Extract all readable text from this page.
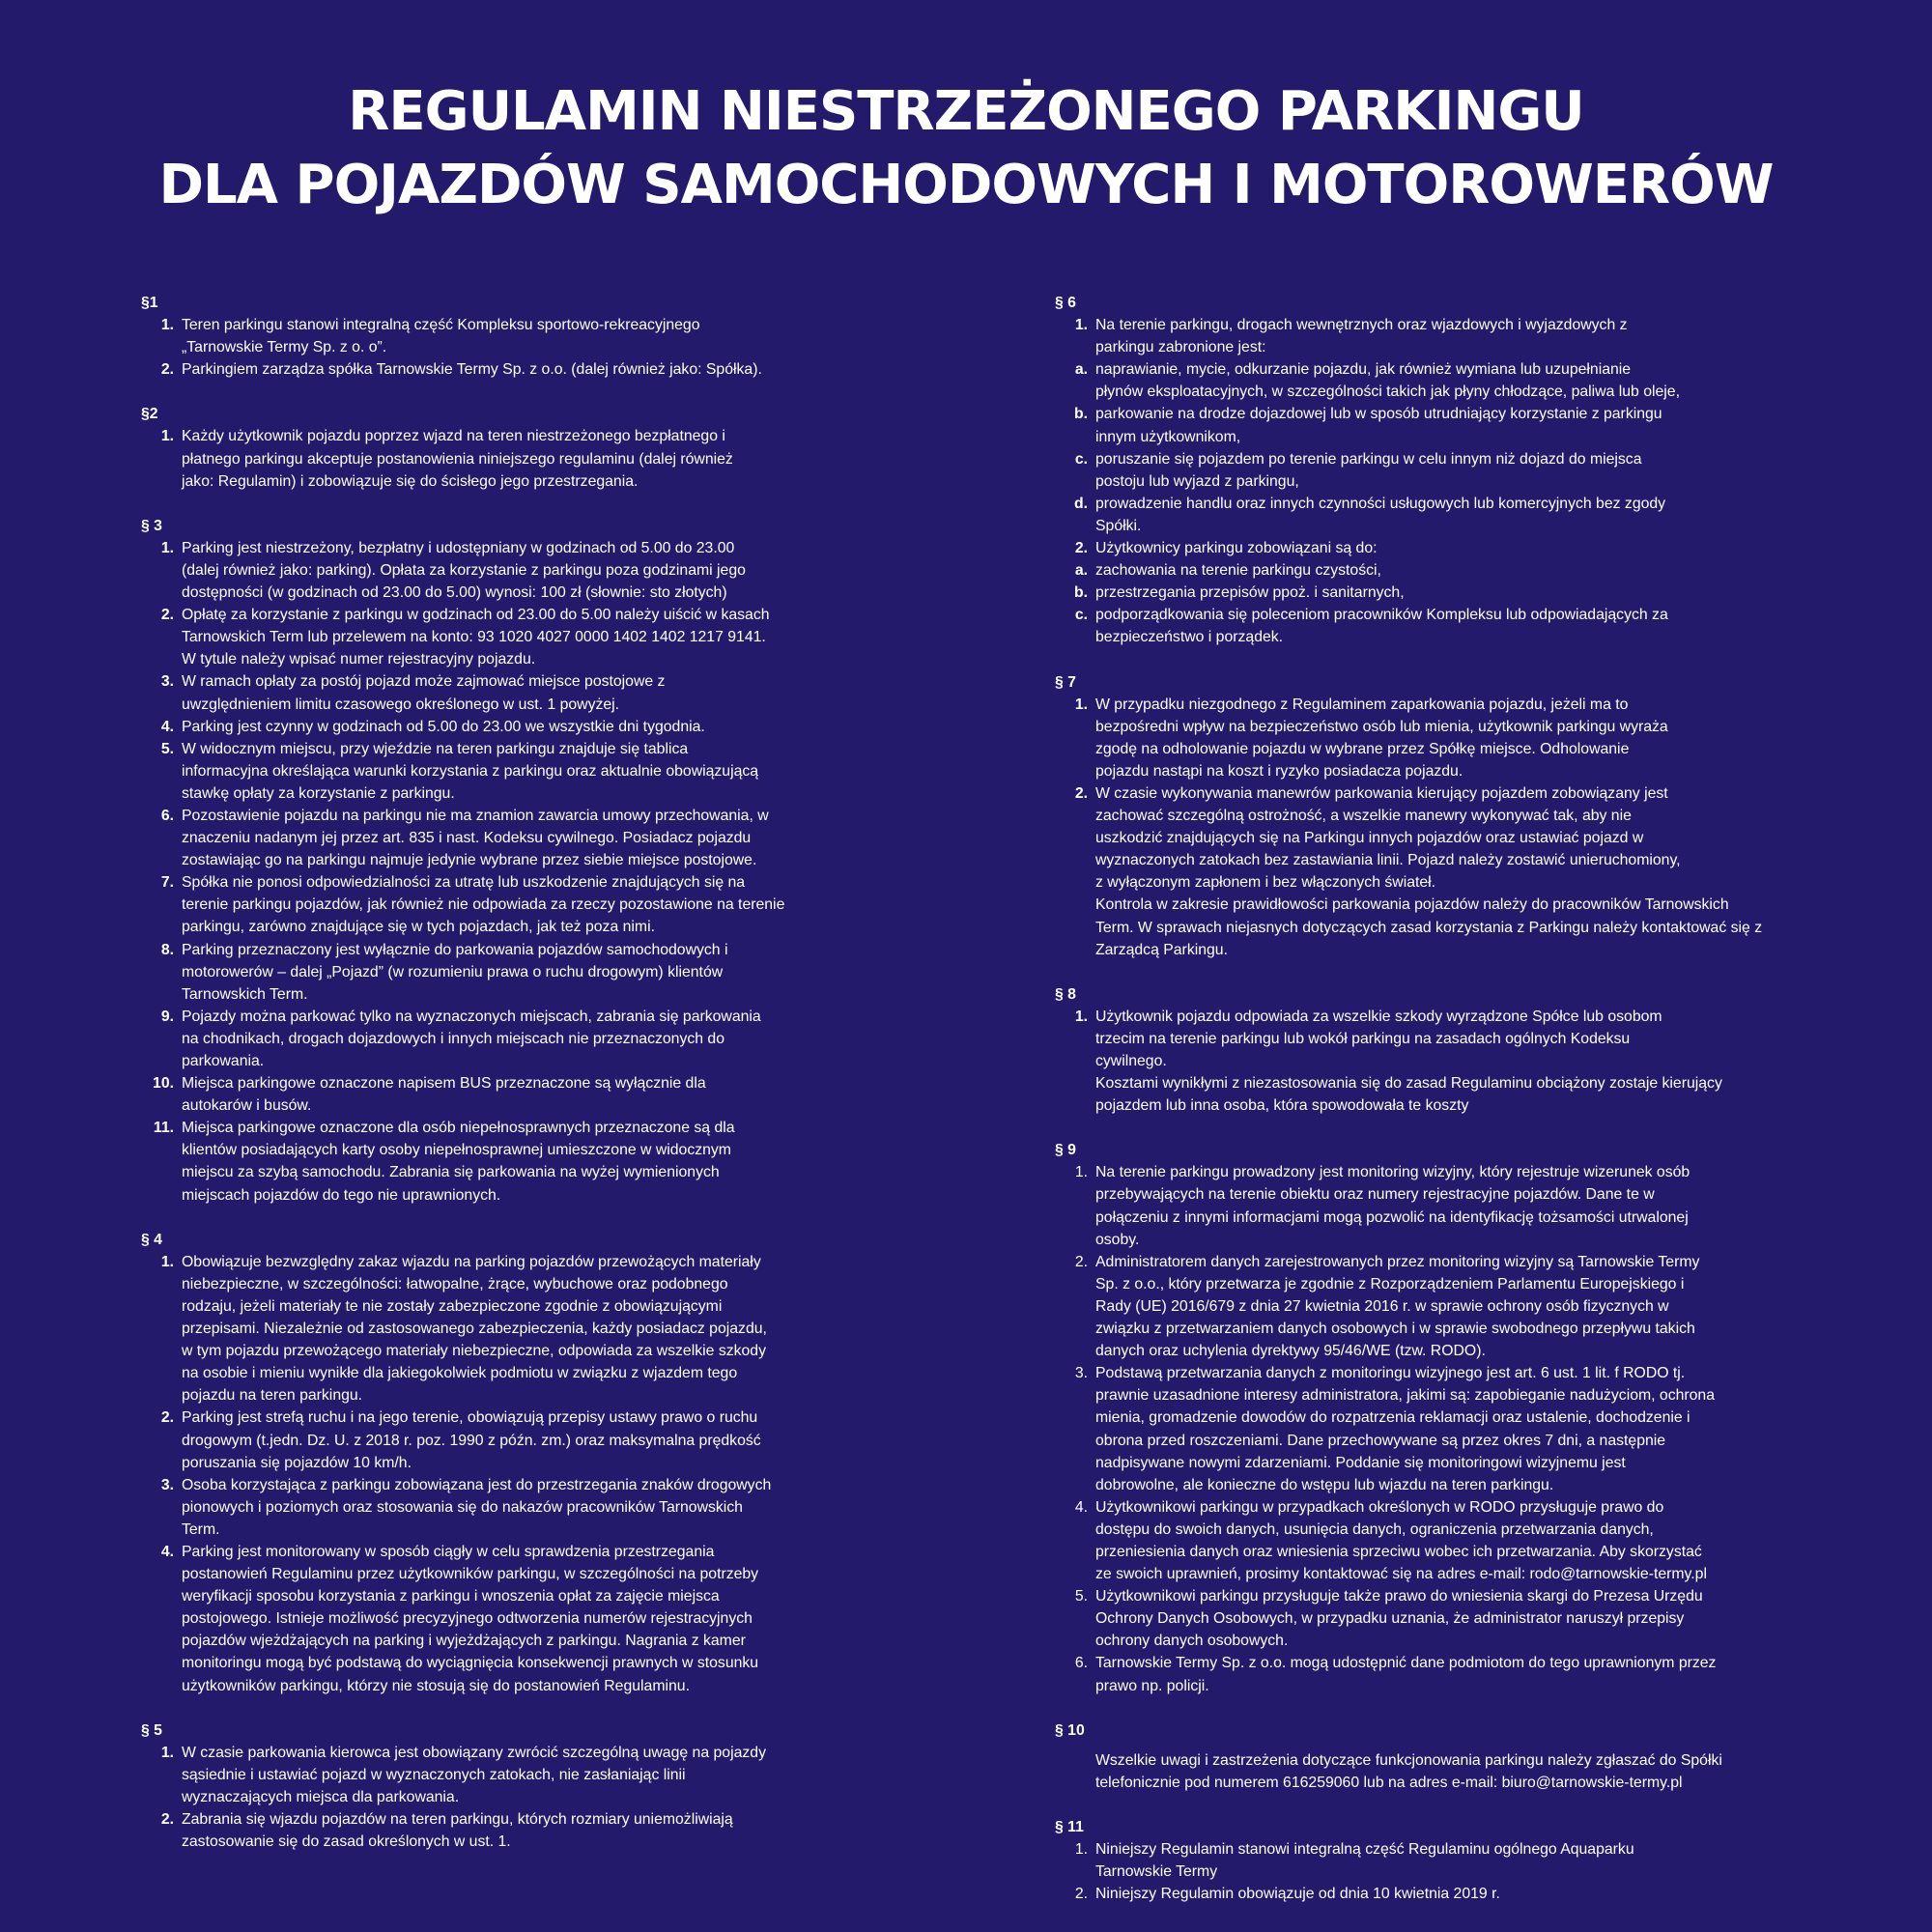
REGULAMIN NIESTRZEŻONEGO PARKINGU
DLA POJAZDÓW SAMOCHODOWYCH I MOTOROWERÓW
§1
1. Teren parkingu stanowi integralną część Kompleksu sportowo-rekreacyjnego
„Tarnowskie Termy Sp. z o. o”.
2. Parkingiem zarządza spółka Tarnowskie Termy Sp. z o.o. (dalej również jako: Spółka).
§2
1. Każdy użytkownik pojazdu poprzez wjazd na teren niestrzeżonego bezpłatnego i
płatnego parkingu akceptuje postanowienia niniejszego regulaminu (dalej również
jako: Regulamin) i zobowiązuje się do ścisłego jego przestrzegania.
§ 3
1. Parking jest niestrzeżony, bezpłatny i udostępniany w godzinach od 5.00 do 23.00
(dalej również jako: parking). Opłata za korzystanie z parkingu poza godzinami jego
dostępności (w godzinach od 23.00 do 5.00) wynosi: 100 zł (słownie: sto złotych)
2. Opłatę za korzystanie z parkingu w godzinach od 23.00 do 5.00 należy uiścić w kasach
Tarnowskich Term lub przelewem na konto: 93 1020 4027 0000 1402 1402 1217 9141.
W tytule należy wpisać numer rejestracyjny pojazdu.
3. W ramach opłaty za postój pojazd może zajmować miejsce postojowe z
uwzględnieniem limitu czasowego określonego w ust. 1 powyżej.
4. Parking jest czynny w godzinach od 5.00 do 23.00 we wszystkie dni tygodnia.
5. W widocznym miejscu, przy wjeździe na teren parkingu znajduje się tablica
informacyjna określająca warunki korzystania z parkingu oraz aktualnie obowiązującą
stawkę opłaty za korzystanie z parkingu.
6. Pozostawienie pojazdu na parkingu nie ma znamion zawarcia umowy przechowania, w
znaczeniu nadanym jej przez art. 835 i nast. Kodeksu cywilnego. Posiadacz pojazdu
zostawiając go na parkingu najmuje jedynie wybrane przez siebie miejsce postojowe.
7. Spółka nie ponosi odpowiedzialności za utratę lub uszkodzenie znajdujących się na
terenie parkingu pojazdów, jak również nie odpowiada za rzeczy pozostawione na terenie
parkingu, zarówno znajdujące się w tych pojazdach, jak też poza nimi.
8. Parking przeznaczony jest wyłącznie do parkowania pojazdów samochodowych i
motorowerów – dalej „Pojazd” (w rozumieniu prawa o ruchu drogowym) klientów
Tarnowskich Term.
9. Pojazdy można parkować tylko na wyznaczonych miejscach, zabrania się parkowania
na chodnikach, drogach dojazdowych i innych miejscach nie przeznaczonych do
parkowania.
10. Miejsca parkingowe oznaczone napisem BUS przeznaczone są wyłącznie dla
autokarów i busów.
11. Miejsca parkingowe oznaczone dla osób niepełnosprawnych przeznaczone są dla
klientów posiadających karty osoby niepełnosprawnej umieszczone w widocznym
miejscu za szybą samochodu. Zabrania się parkowania na wyżej wymienionych
miejscach pojazdów do tego nie uprawnionych.
§ 4
1. Obowiązuje bezwzględny zakaz wjazdu na parking pojazdów przewożących materiały
niebezpieczne, w szczególności: łatwopalne, żrące, wybuchowe oraz podobnego
rodzaju, jeżeli materiały te nie zostały zabezpieczone zgodnie z obowiązującymi
przepisami. Niezależnie od zastosowanego zabezpieczenia, każdy posiadacz pojazdu,
w tym pojazdu przewożącego materiały niebezpieczne, odpowiada za wszelkie szkody
na osobie i mieniu wynikłe dla jakiegokolwiek podmiotu w związku z wjazdem tego
pojazdu na teren parkingu.
2. Parking jest strefą ruchu i na jego terenie, obowiązują przepisy ustawy prawo o ruchu
drogowym (t.jedn. Dz. U. z 2018 r. poz. 1990 z późn. zm.) oraz maksymalna prędkość
poruszania się pojazdów 10 km/h.
3. Osoba korzystająca z parkingu zobowiązana jest do przestrzegania znaków drogowych
pionowych i poziomych oraz stosowania się do nakazów pracowników Tarnowskich
Term.
4. Parking jest monitorowany w sposób ciągły w celu sprawdzenia przestrzegania
postanowień Regulaminu przez użytkowników parkingu, w szczególności na potrzeby
weryfikacji sposobu korzystania z parkingu i wnoszenia opłat za zajęcie miejsca
postojowego. Istnieje możliwość precyzyjnego odtworzenia numerów rejestracyjnych
pojazdów wjeżdżających na parking i wyjeżdżających z parkingu. Nagrania z kamer
monitoringu mogą być podstawą do wyciągnięcia konsekwencji prawnych w stosunku
użytkowników parkingu, którzy nie stosują się do postanowień Regulaminu.
§ 5
1. W czasie parkowania kierowca jest obowiązany zwrócić szczególną uwagę na pojazdy
sąsiednie i ustawiać pojazd w wyznaczonych zatokach, nie zasłaniając linii
wyznaczających miejsca dla parkowania.
2. Zabrania się wjazdu pojazdów na teren parkingu, których rozmiary uniemożliwiają
zastosowanie się do zasad określonych w ust. 1.
§ 6
1. Na terenie parkingu, drogach wewnętrznych oraz wjazdowych i wyjazdowych z
parkingu zabronione jest:
a. naprawianie, mycie, odkurzanie pojazdu, jak również wymiana lub uzupełnianie
płynów eksploatacyjnych, w szczególności takich jak płyny chłodzące, paliwa lub oleje,
b. parkowanie na drodze dojazdowej lub w sposób utrudniający korzystanie z parkingu
innym użytkownikom,
c. poruszanie się pojazdem po terenie parkingu w celu innym niż dojazd do miejsca
postoju lub wyjazd z parkingu,
d. prowadzenie handlu oraz innych czynności usługowych lub komercyjnych bez zgody
Spółki.
2. Użytkownicy parkingu zobowiązani są do:
a. zachowania na terenie parkingu czystości,
b. przestrzegania przepisów ppoż. i sanitarnych,
c. podporządkowania się poleceniom pracowników Kompleksu lub odpowiadających za
bezpieczeństwo i porządek.
§ 7
1. W przypadku niezgodnego z Regulaminem zaparkowania pojazdu, jeżeli ma to
bezpośredni wpływ na bezpieczeństwo osób lub mienia, użytkownik parkingu wyraża
zgodę na odholowanie pojazdu w wybrane przez Spółkę miejsce. Odholowanie
pojazdu nastąpi na koszt i ryzyko posiadacza pojazdu.
2. W czasie wykonywania manewrów parkowania kierujący pojazdem zobowiązany jest
zachować szczególną ostrożność, a wszelkie manewry wykonywać tak, aby nie
uszkodzić znajdujących się na Parkingu innych pojazdów oraz ustawiać pojazd w
wyznaczonych zatokach bez zastawiania linii. Pojazd należy zostawić unieruchomiony,
z wyłączonym zapłonem i bez włączonych świateł.
Kontrola w zakresie prawidłowości parkowania pojazdów należy do pracowników Tarnowskich
Term. W sprawach niejasnych dotyczących zasad korzystania z Parkingu należy kontaktować się z
Zarządcą Parkingu.
§ 8
1. Użytkownik pojazdu odpowiada za wszelkie szkody wyrządzone Spółce lub osobom
trzecim na terenie parkingu lub wokół parkingu na zasadach ogólnych Kodeksu
cywilnego.
Kosztami wynikłymi z niezastosowania się do zasad Regulaminu obciążony zostaje kierujący
pojazdem lub inna osoba, która spowodowała te koszty
§ 9
1. Na terenie parkingu prowadzony jest monitoring wizyjny, który rejestruje wizerunek osób
przebywających na terenie obiektu oraz numery rejestracyjne pojazdów. Dane te w
połączeniu z innymi informacjami mogą pozwolić na identyfikację tożsamości utrwalonej
osoby.
2. Administratorem danych zarejestrowanych przez monitoring wizyjny są Tarnowskie Termy
Sp. z o.o., który przetwarza je zgodnie z Rozporządzeniem Parlamentu Europejskiego i
Rady (UE) 2016/679 z dnia 27 kwietnia 2016 r. w sprawie ochrony osób fizycznych w
związku z przetwarzaniem danych osobowych i w sprawie swobodnego przepływu takich
danych oraz uchylenia dyrektywy 95/46/WE (tzw. RODO).
3. Podstawą przetwarzania danych z monitoringu wizyjnego jest art. 6 ust. 1 lit. f RODO tj.
prawnie uzasadnione interesy administratora, jakimi są: zapobieganie nadużyciom, ochrona
mienia, gromadzenie dowodów do rozpatrzenia reklamacji oraz ustalenie, dochodzenie i
obrona przed roszczeniami. Dane przechowywane są przez okres 7 dni, a następnie
nadpisywane nowymi zdarzeniami. Poddanie się monitoringowi wizyjnemu jest
dobrowolne, ale konieczne do wstępu lub wjazdu na teren parkingu.
4. Użytkownikowi parkingu w przypadkach określonych w RODO przysługuje prawo do
dostępu do swoich danych, usunięcia danych, ograniczenia przetwarzania danych,
przeniesienia danych oraz wniesienia sprzeciwu wobec ich przetwarzania. Aby skorzystać
ze swoich uprawnień, prosimy kontaktować się na adres e-mail: rodo@tarnowskie-termy.pl
5. Użytkownikowi parkingu przysługuje także prawo do wniesienia skargi do Prezesa Urzędu
Ochrony Danych Osobowych, w przypadku uznania, że administrator naruszył przepisy
ochrony danych osobowych.
6. Tarnowskie Termy Sp. z o.o. mogą udostępnić dane podmiotom do tego uprawnionym przez
prawo np. policji.
§ 10
Wszelkie uwagi i zastrzeżenia dotyczące funkcjonowania parkingu należy zgłaszać do Spółki
telefonicznie pod numerem 616259060 lub na adres e-mail: biuro@tarnowskie-termy.pl
§ 11
1. Niniejszy Regulamin stanowi integralną część Regulaminu ogólnego Aquaparku
Tarnowskie Termy
2. Niniejszy Regulamin obowiązuje od dnia 10 kwietnia 2019 r.
